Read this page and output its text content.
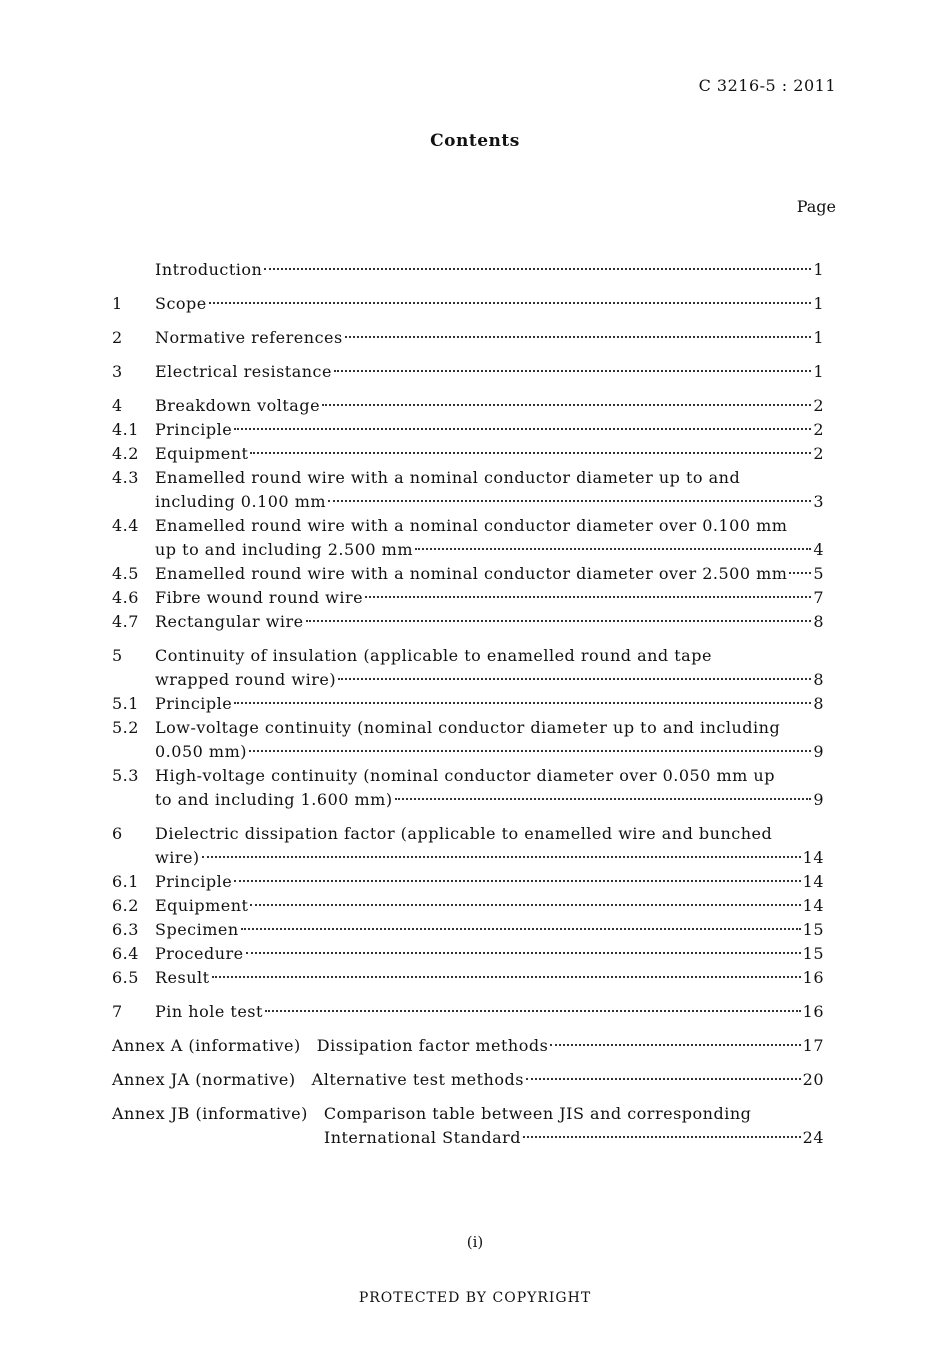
C 3216-5 : 2011
Contents
Page
Introduction	1
1	Scope	1
2	Normative references	1
3	Electrical resistance	1
4	Breakdown voltage	2
4.1	Principle	2
4.2	Equipment	2
4.3	Enamelled round wire with a nominal conductor diameter up to and
including 0.100 mm	3
4.4	Enamelled round wire with a nominal conductor diameter over 0.100 mm
up to and including 2.500 mm	4
4.5	Enamelled round wire with a nominal conductor diameter over 2.500 mm 5
4.6	Fibre wound round wire	7
4.7	Rectangular wire	8
5	Continuity of insulation (applicable to enamelled round and tape
wrapped round wire)	8
5.1	Principle	8
5.2	Low-voltage continuity (nominal conductor diameter up to and including
0.050 mm)	9
5.3	High-voltage continuity (nominal conductor diameter over 0.050 mm up
to and including 1.600 mm)	9
6	Dielectric dissipation factor (applicable to enamelled wire and bunched
wire)	14
6.1	Principle	14
6.2	Equipment	14
6.3	Specimen	15
6.4	Procedure	15
6.5	Result	16
7	Pin hole test	16
Annex A (informative) Dissipation factor methods	17
Annex JA (normative) Alternative test methods	20
Annex JB (informative) Comparison table between JIS and corresponding
International Standard	24
(i)
PROTECTED BY COPYRIGHT
